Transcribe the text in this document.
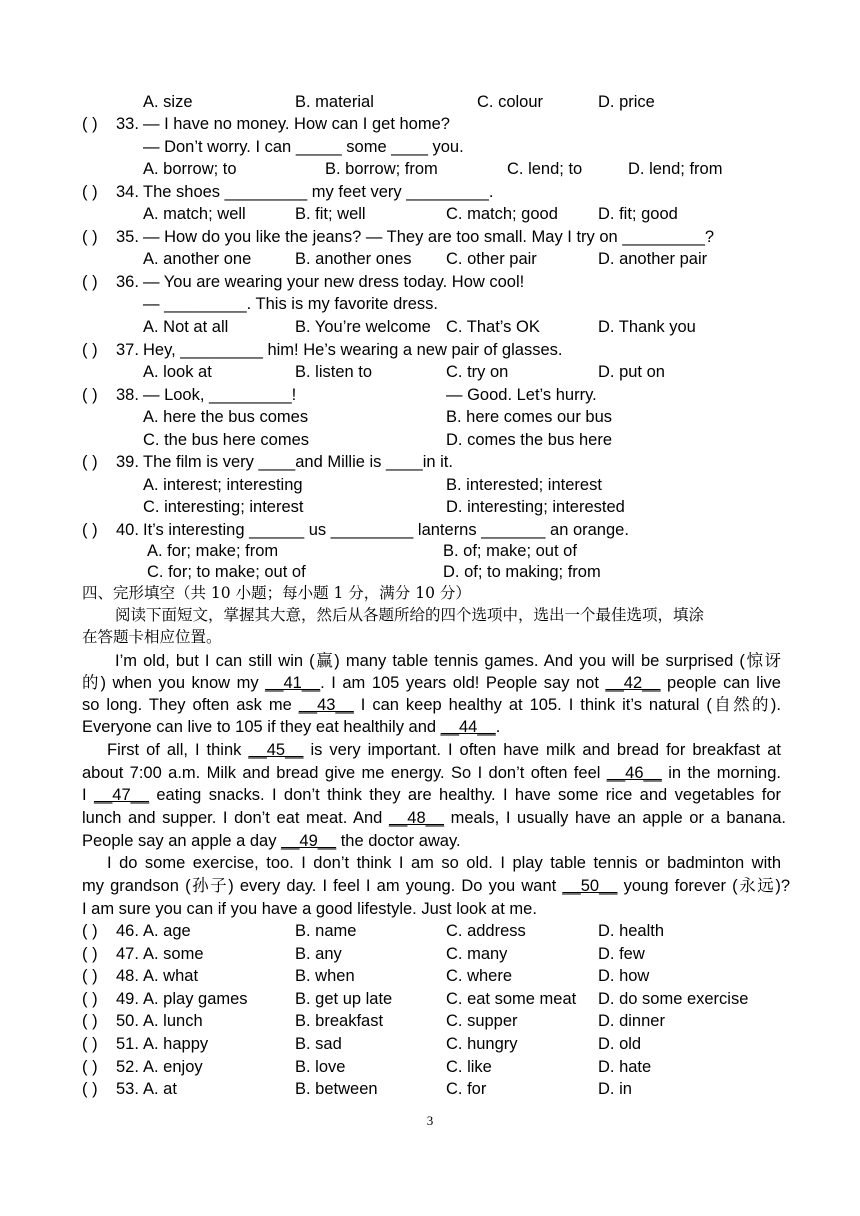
A. size	B. material	C. colour	D. price
( ) 33. — I have no money. How can I get home?
— Don’t worry. I can _____ some ____ you.
A. borrow; to	B. borrow; from	C. lend; to	D. lend; from
( ) 34. The shoes _________ my feet very _________.
A. match; well	B. fit; well	C. match; good D. fit; good
( ) 35. — How do you like the jeans? — They are too small. May I try on _________?
A. another one	B. another ones C. other pair	D. another pair
( ) 36. — You are wearing your new dress today. How cool!
— _________. This is my favorite dress.
A. Not at all	B. You’re welcome C. That’s OK	D. Thank you
( ) 37. Hey, _________ him! He’s wearing a new pair of glasses.
A. look at	B. listen to	C. try on	D. put on
( ) 38. — Look, _________!	— Good. Let’s hurry.
A. here the bus comes	B. here comes our bus
C. the bus here comes	D. comes the bus here
( ) 39. The film is very ____and Millie is ____in it.
A. interest; interesting	B. interested; interest
C. interesting; interest	D. interesting; interested
( ) 40. It’s interesting ______ us _________ lanterns _______ an orange.
A. for; make; from	B. of; make; out of
C. for; to make; out of	D. of; to making; from
四、完形填空（共 10 小题；每小题 1 分，满分 10 分）
阅读下面短文，掌握其大意，然后从各题所给的四个选项中，选出一个最佳选项，填涂
在答题卡相应位置。
I’m old, but I can still win (赢) many table tennis games. And you will be surprised (惊讶
的) when you know my __41__. I am 105 years old! People say not __42__ people can live
so long. They often ask me __43__ I can keep healthy at 105. I think it’s natural (自然的).
Everyone can live to 105 if they eat healthily and __44__.
First of all, I think __45__ is very important. I often have milk and bread for breakfast at
about 7:00 a.m. Milk and bread give me energy. So I don’t often feel __46__ in the morning.
I __47__ eating snacks. I don’t think they are healthy. I have some rice and vegetables for
lunch and supper. I don’t eat meat. And __48__ meals, I usually have an apple or a banana.
People say an apple a day __49__ the doctor away.
I do some exercise, too. I don’t think I am so old. I play table tennis or badminton with
my grandson (孙子) every day. I feel I am young. Do you want __50__ young forever (永远)?
I am sure you can if you have a good lifestyle. Just look at me.
( ) 46. A. age	B. name	C. address	D. health
( ) 47. A. some	B. any	C. many	D. few
( ) 48. A. what	B. when	C. where	D. how
( ) 49. A. play games	B. get up late	C. eat some meat D. do some exercise
( ) 50. A. lunch	B. breakfast	C. supper	D. dinner
( ) 51. A. happy	B. sad	C. hungry	D. old
( ) 52. A. enjoy	B. love	C. like	D. hate
( ) 53. A. at	B. between	C. for	D. in
3
